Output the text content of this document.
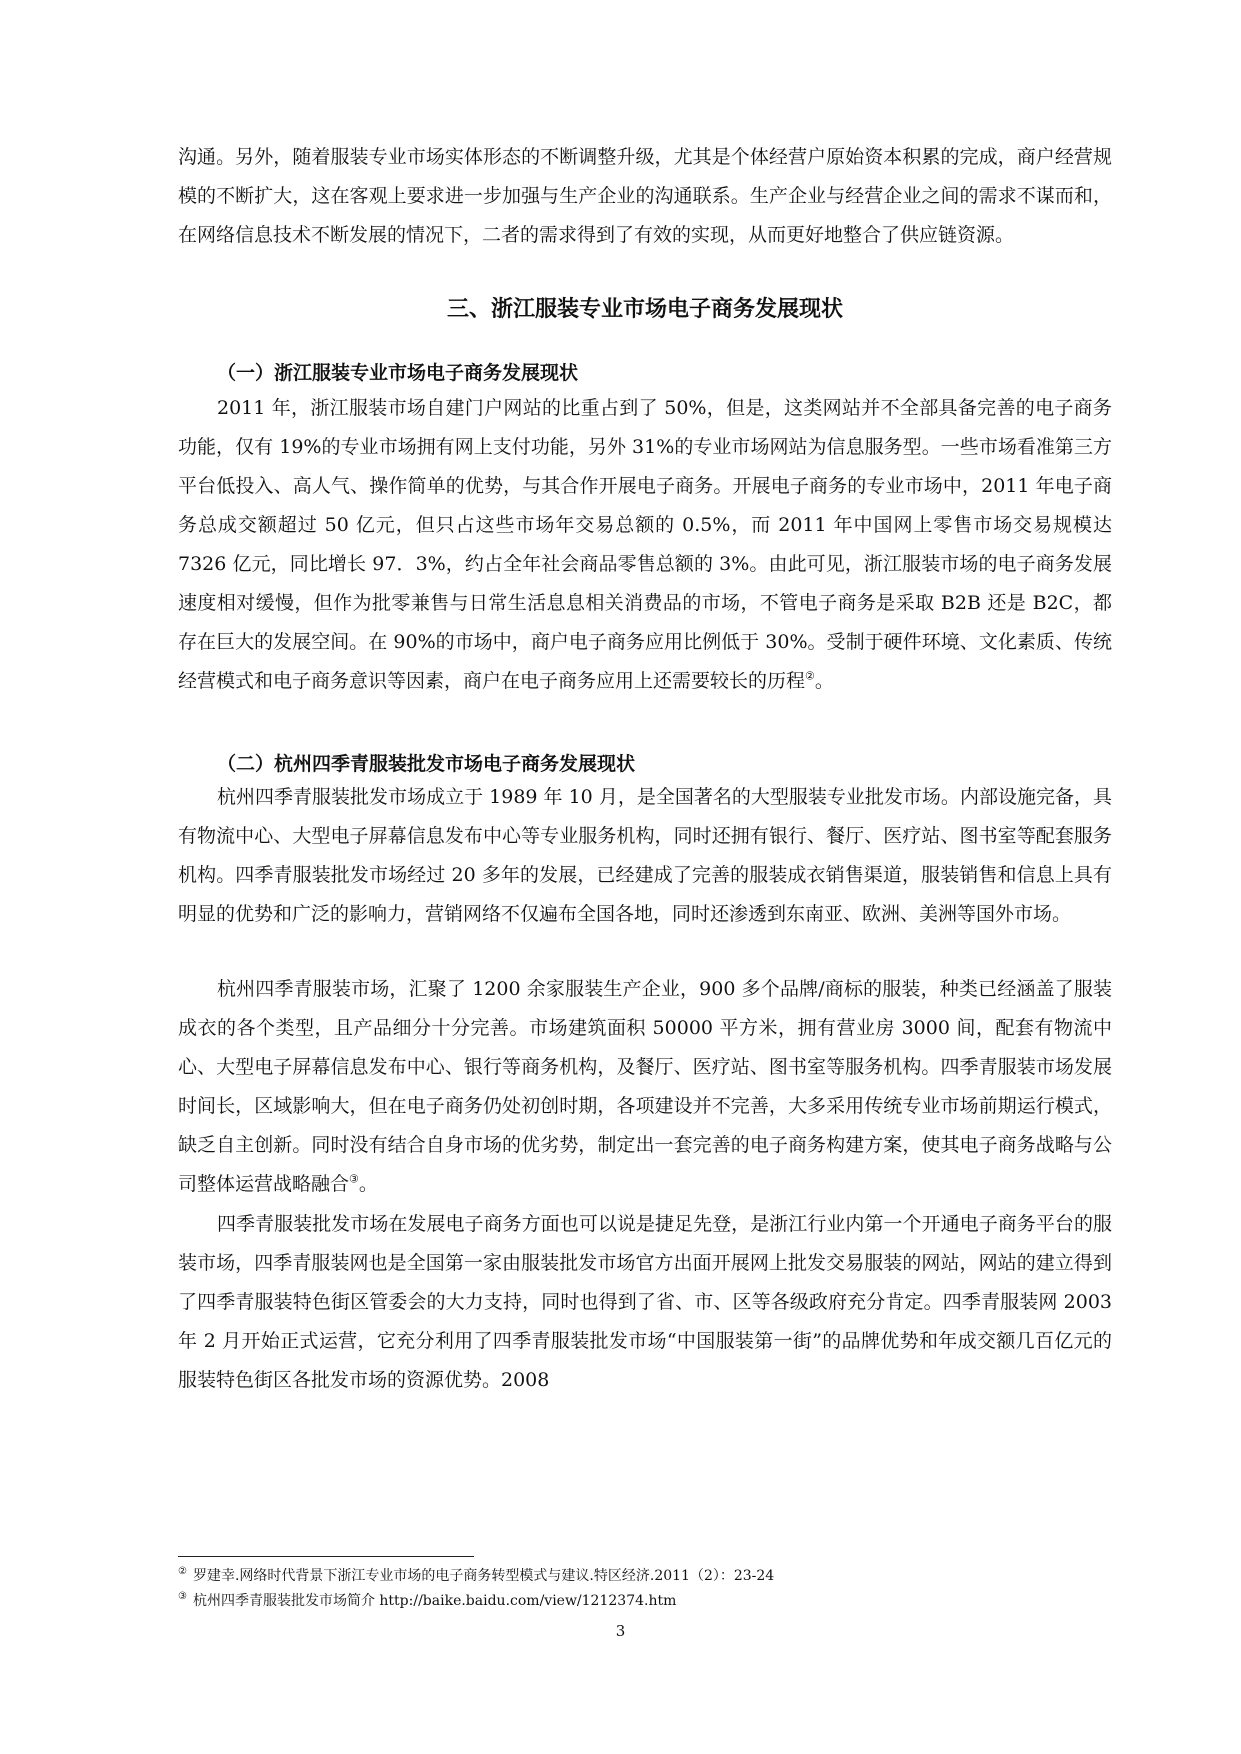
沟通。另外，随着服装专业市场实体形态的不断调整升级，尤其是个体经营户原始资本积累的完成，商户经营规模的不断扩大，这在客观上要求进一步加强与生产企业的沟通联系。生产企业与经营企业之间的需求不谋而和，在网络信息技术不断发展的情况下，二者的需求得到了有效的实现，从而更好地整合了供应链资源。

三、浙江服装专业市场电子商务发展现状
（一）浙江服装专业市场电子商务发展现状

2011 年，浙江服装市场自建门户网站的比重占到了 50%，但是，这类网站并不全部具备完善的电子商务功能，仅有 19%的专业市场拥有网上支付功能，另外 31%的专业市场网站为信息服务型。一些市场看准第三方平台低投入、高人气、操作简单的优势，与其合作开展电子商务。开展电子商务的专业市场中，2011 年电子商务总成交额超过 50 亿元，但只占这些市场年交易总额的 0.5%，而 2011 年中国网上零售市场交易规模达 7326 亿元，同比增长 97．3%，约占全年社会商品零售总额的 3%。由此可见，浙江服装市场的电子商务发展速度相对缓慢，但作为批零兼售与日常生活息息相关消费品的市场，不管电子商务是采取 B2B 还是 B2C，都存在巨大的发展空间。在 90%的市场中，商户电子商务应用比例低于 30%。受制于硬件环境、文化素质、传统经营模式和电子商务意识等因素，商户在电子商务应用上还需要较长的历程②。

（二）杭州四季青服装批发市场电子商务发展现状

杭州四季青服装批发市场成立于 1989 年 10 月，是全国著名的大型服装专业批发市场。内部设施完备，具有物流中心、大型电子屏幕信息发布中心等专业服务机构，同时还拥有银行、餐厅、医疗站、图书室等配套服务机构。四季青服装批发市场经过 20 多年的发展，已经建成了完善的服装成衣销售渠道，服装销售和信息上具有明显的优势和广泛的影响力，营销网络不仅遍布全国各地，同时还渗透到东南亚、欧洲、美洲等国外市场。

杭州四季青服装市场，汇聚了 1200 余家服装生产企业，900 多个品牌/商标的服装，种类已经涵盖了服装成衣的各个类型，且产品细分十分完善。市场建筑面积 50000 平方米，拥有营业房 3000 间，配套有物流中心、大型电子屏幕信息发布中心、银行等商务机构，及餐厅、医疗站、图书室等服务机构。四季青服装市场发展时间长，区域影响大，但在电子商务仍处初创时期，各项建设并不完善，大多采用传统专业市场前期运行模式，缺乏自主创新。同时没有结合自身市场的优劣势，制定出一套完善的电子商务构建方案，使其电子商务战略与公司整体运营战略融合③。

四季青服装批发市场在发展电子商务方面也可以说是捷足先登，是浙江行业内第一个开通电子商务平台的服装市场，四季青服装网也是全国第一家由服装批发市场官方出面开展网上批发交易服装的网站，网站的建立得到了四季青服装特色街区管委会的大力支持，同时也得到了省、市、区等各级政府充分肯定。四季青服装网 2003 年 2 月开始正式运营，它充分利用了四季青服装批发市场“中国服装第一街”的品牌优势和年成交额几百亿元的服装特色街区各批发市场的资源优势。2008

② 罗建幸.网络时代背景下浙江专业市场的电子商务转型模式与建议.特区经济.2011（2）：23-24

③ 杭州四季青服装批发市场简介 http://baike.baidu.com/view/1212374.htm

3
